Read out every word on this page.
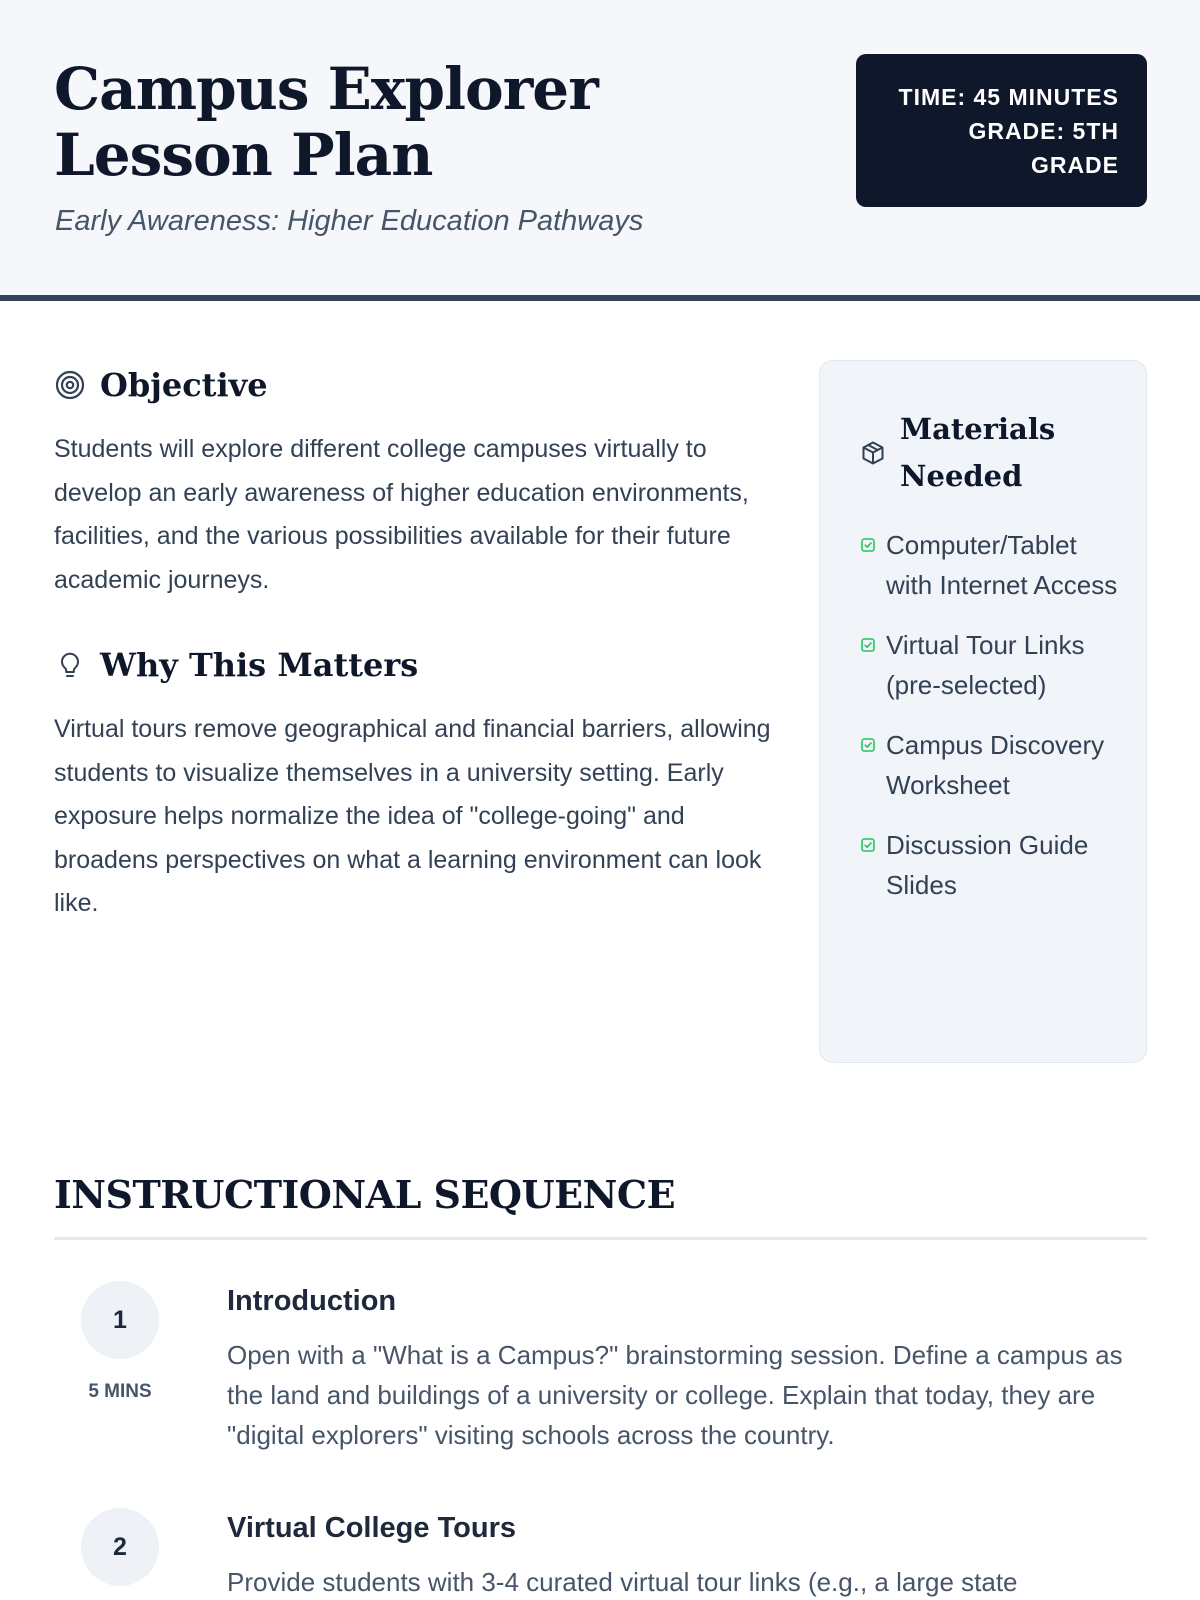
Campus Explorer Lesson Plan
Early Awareness: Higher Education Pathways
TIME: 45 MINUTES
GRADE: 5TH GRADE
Objective

Students will explore different college campuses virtually to develop an early awareness of higher education environments, facilities, and the various possibilities available for their future academic journeys.

Why This Matters

Virtual tours remove geographical and financial barriers, allowing students to visualize themselves in a university setting. Early exposure helps normalize the idea of "college-going" and broadens perspectives on what a learning environment can look like.

Materials Needed
Computer/Tablet with Internet Access
Virtual Tour Links (pre-selected)
Campus Discovery Worksheet
Discussion Guide Slides
INSTRUCTIONAL SEQUENCE
1
5 MINS
Introduction

Open with a "What is a Campus?" brainstorming session. Define a campus as the land and buildings of a university or college. Explain that today, they are "digital explorers" visiting schools across the country.

2
Virtual College Tours

Provide students with 3-4 curated virtual tour links (e.g., a large state
